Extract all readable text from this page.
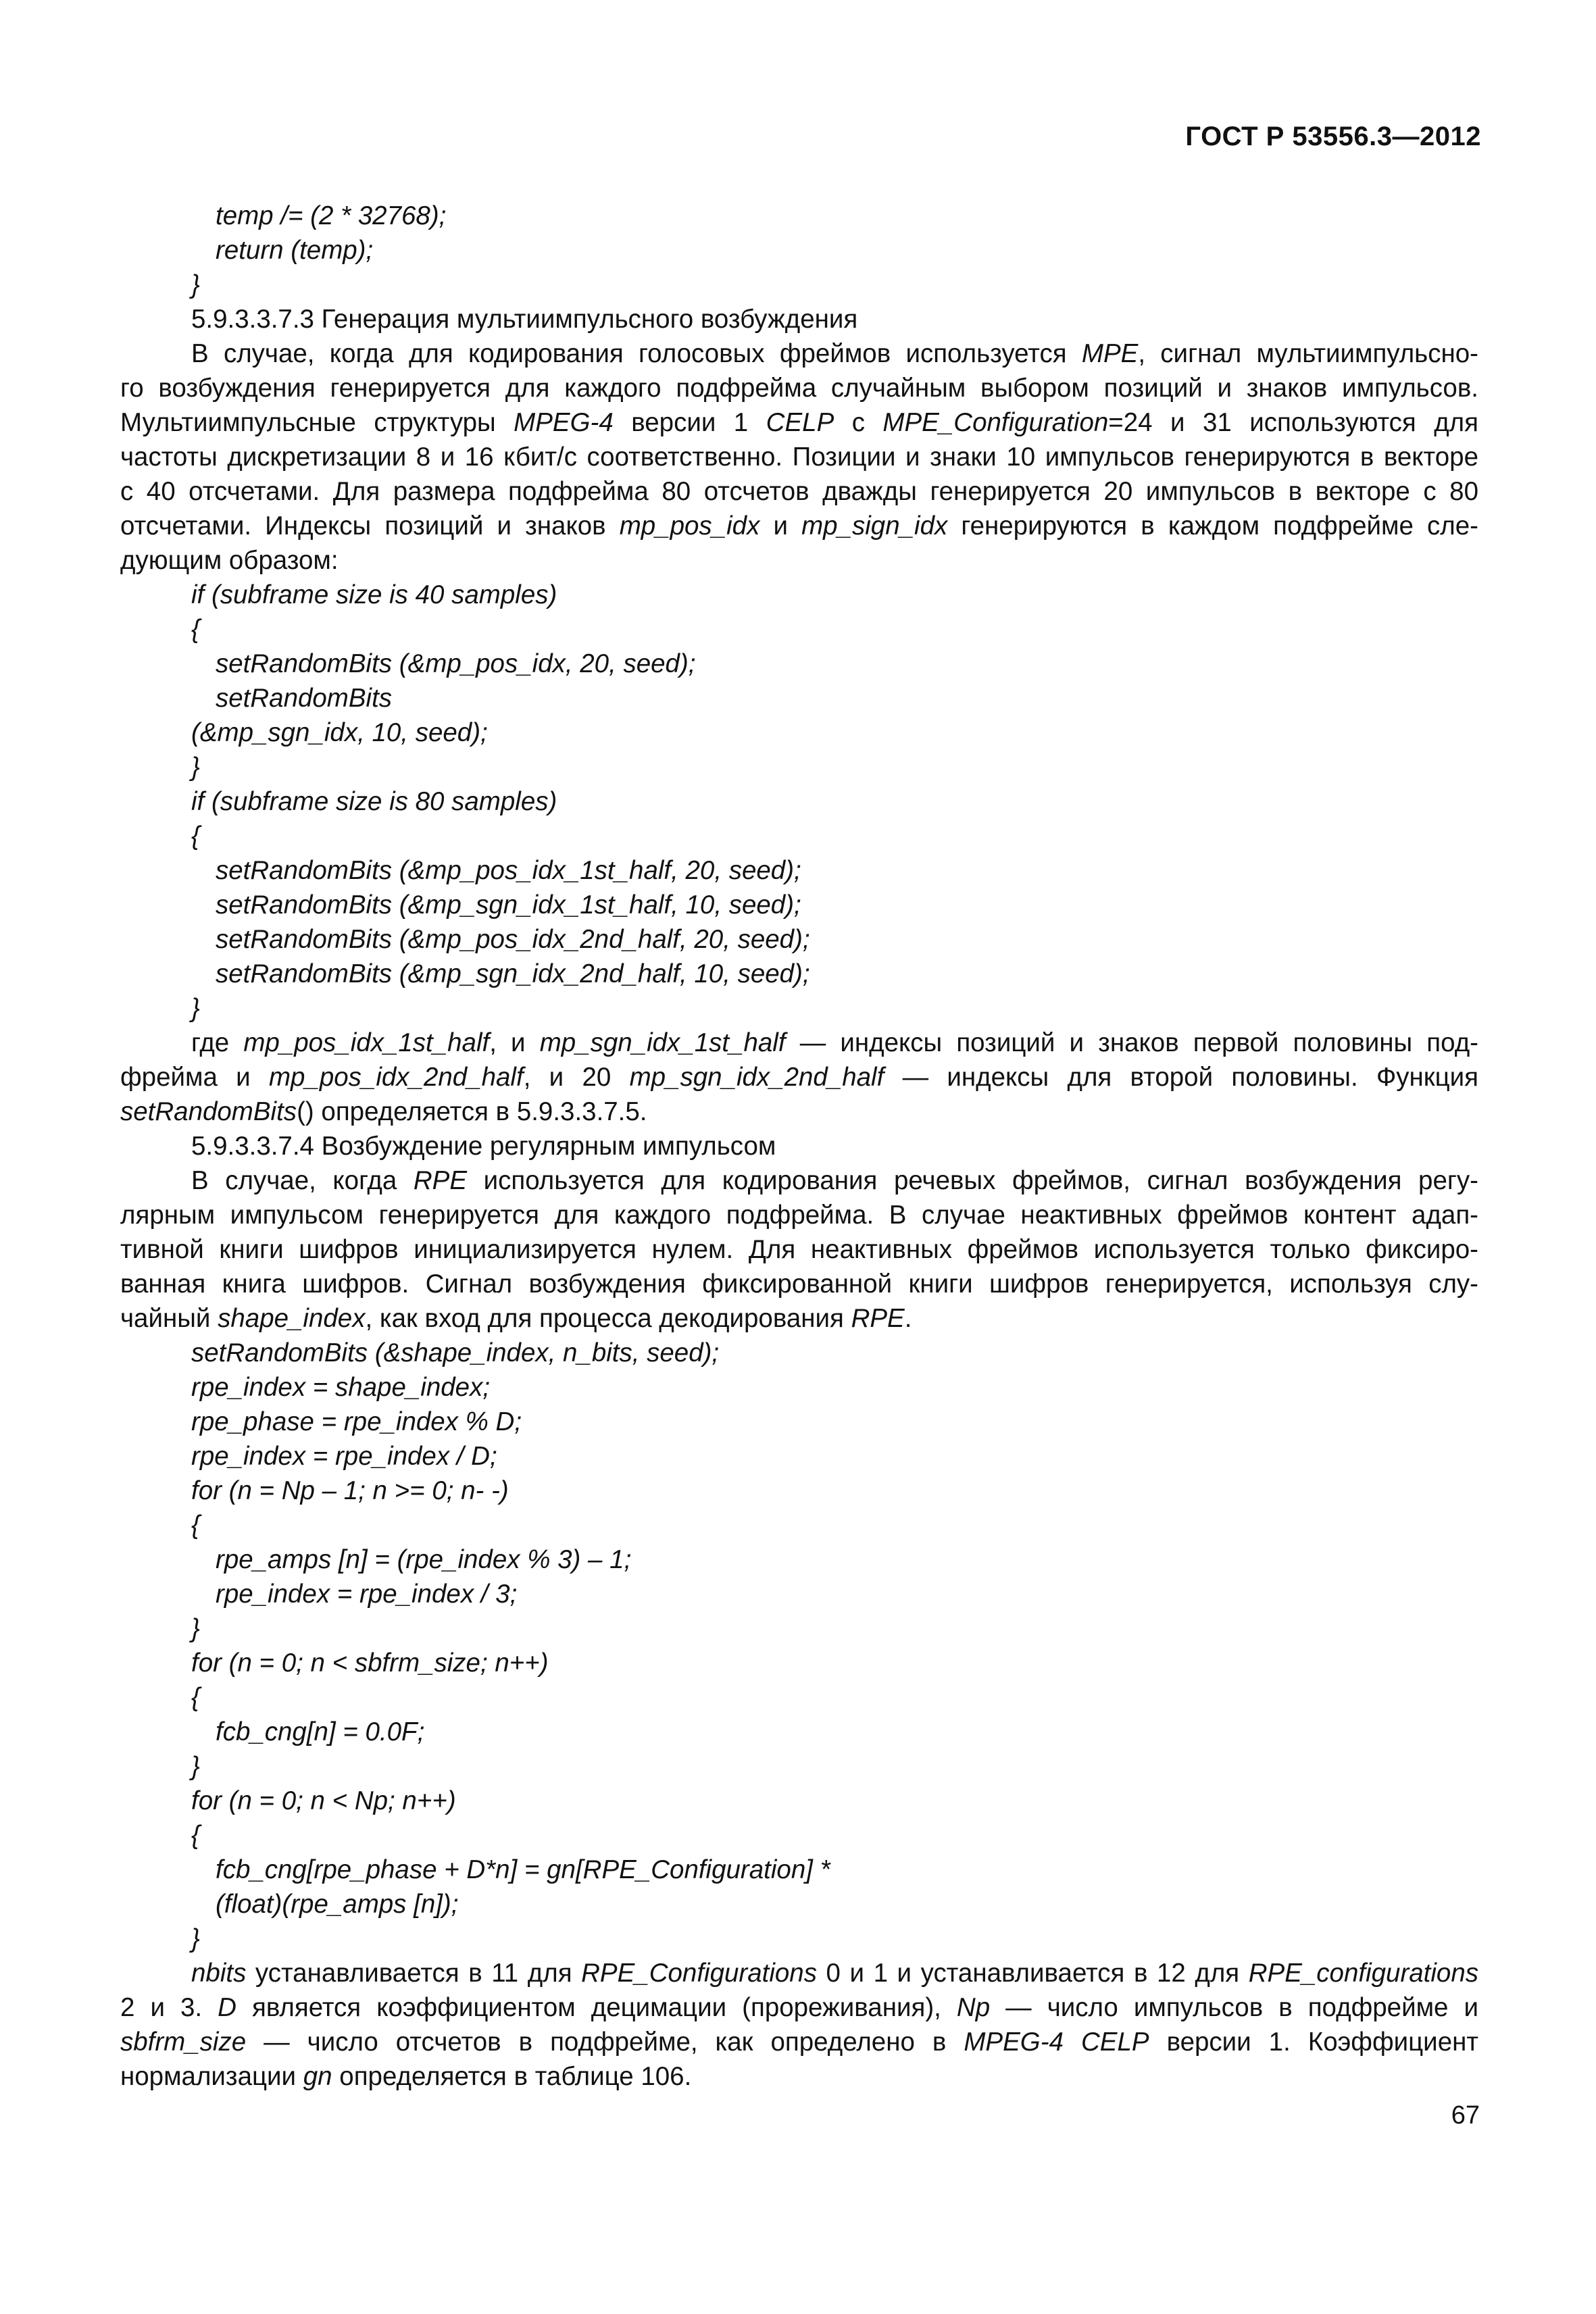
ГОСТ Р 53556.3—2012
temp /= (2 * 32768);
return (temp);
}
5.9.3.3.7.3 Генерация мультиимпульсного возбуждения
В случае, когда для кодирования голосовых фреймов используется MPE, сигнал мультиимпульсно-
го возбуждения генерируется для каждого подфрейма случайным выбором позиций и знаков импульсов.
Мультиимпульсные структуры MPEG-4 версии 1 CELP с MPE_Configuration=24 и 31 используются для
частоты дискретизации 8 и 16 кбит/с соответственно. Позиции и знаки 10 импульсов генерируются в векторе
с 40 отсчетами. Для размера подфрейма 80 отсчетов дважды генерируется 20 импульсов в векторе с 80
отсчетами. Индексы позиций и знаков mp_pos_idx и mp_sign_idx генерируются в каждом подфрейме сле-
дующим образом:
if (subframe size is 40 samples)
{
setRandomBits (&mp_pos_idx, 20, seed);
setRandomBits
(&mp_sgn_idx, 10, seed);
}
if (subframe size is 80 samples)
{
setRandomBits (&mp_pos_idx_1st_half, 20, seed);
setRandomBits (&mp_sgn_idx_1st_half, 10, seed);
setRandomBits (&mp_pos_idx_2nd_half, 20, seed);
setRandomBits (&mp_sgn_idx_2nd_half, 10, seed);
}
где mp_pos_idx_1st_half, и mp_sgn_idx_1st_half — индексы позиций и знаков первой половины под-
фрейма и mp_pos_idx_2nd_half, и 20 mp_sgn_idx_2nd_half — индексы для второй половины. Функция
setRandomBits() определяется в 5.9.3.3.7.5.
5.9.3.3.7.4 Возбуждение регулярным импульсом
В случае, когда RPE используется для кодирования речевых фреймов, сигнал возбуждения регу-
лярным импульсом генерируется для каждого подфрейма. В случае неактивных фреймов контент адап-
тивной книги шифров инициализируется нулем. Для неактивных фреймов используется только фиксиро-
ванная книга шифров. Сигнал возбуждения фиксированной книги шифров генерируется, используя слу-
чайный shape_index, как вход для процесса декодирования RPE.
setRandomBits (&shape_index, n_bits, seed);
rpe_index = shape_index;
rpe_phase = rpe_index % D;
rpe_index = rpe_index / D;
for (n = Np – 1; n >= 0; n- -)
{
rpe_amps [n] = (rpe_index % 3) – 1;
rpe_index = rpe_index / 3;
}
for (n = 0; n < sbfrm_size; n++)
{
fcb_cng[n] = 0.0F;
}
for (n = 0; n < Np; n++)
{
fcb_cng[rpe_phase + D*n] = gn[RPE_Configuration] *
(float)(rpe_amps [n]);
}
nbits устанавливается в 11 для RPE_Configurations 0 и 1 и устанавливается в 12 для RPE_configurations
2 и 3. D является коэффициентом децимации (прореживания), Np — число импульсов в подфрейме и
sbfrm_size — число отсчетов в подфрейме, как определено в MPEG-4 CELP версии 1. Коэффициент
нормализации gn определяется в таблице 106.
67
